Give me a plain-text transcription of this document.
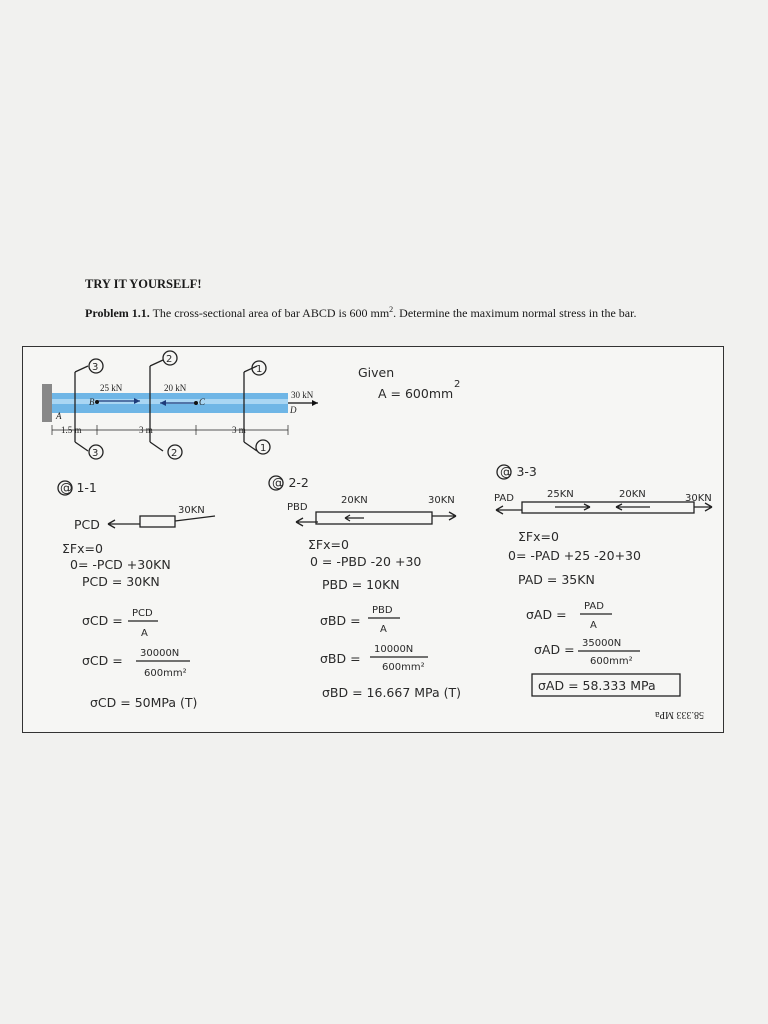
TRY IT YOURSELF!
Problem 1.1. The cross-sectional area of bar ABCD is 600 $mm^2$. Determine the maximum normal stress in the bar.
25 kN	20 kN
30 kN
A
B	C
D
1.5 m	3 m	3 m
3
3
2
2
1
1
Given
A = 600mm
2
@ 1-1
30KN
PCD
ΣFx=0
0= -PCD +30KN
PCD = 30KN
σCD = PCD
A
σCD = 30000N
600mm²
σCD = 50MPa (T)
@ 2-2
PBD
20KN	30KN
ΣFx=0
0 = -PBD -20 +30
PBD = 10KN
σBD =
PBD
A
σBD =
10000N
600mm²
σBD = 16.667 MPa (T)
@ 3-3
PAD	25KN	20KN	30KN
ΣFx=0
0= -PAD +25 -20+30
PAD = 35KN
σAD =
PAD
A
σAD = 35000N
600mm²
σAD = 58.333 MPa
58.333 MPa
